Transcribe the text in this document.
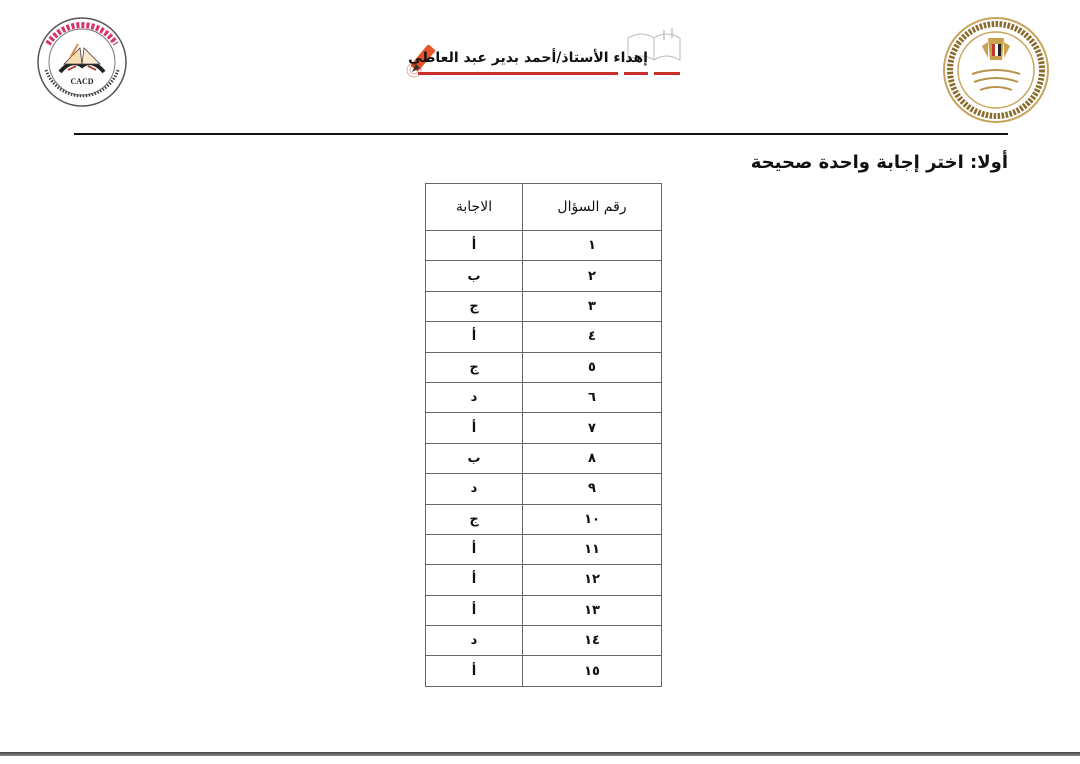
CACD
إهداء الأستاذ/أحمد بدير عبد العاطي
أولا: اختر إجابة واحدة صحيحة
رقم السؤال	الاجابة
١	أ
٢	ب
٣	ج
٤	أ
٥	ج
٦	د
٧	أ
٨	ب
٩	د
١٠	ج
١١	أ
١٢	أ
١٣	أ
١٤	د
١٥	أ
